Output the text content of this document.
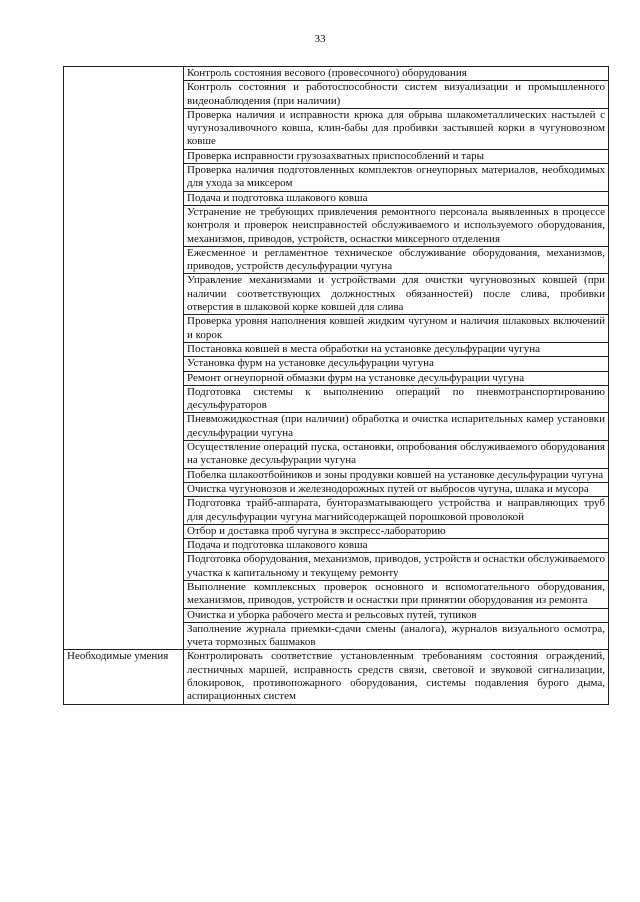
33
	Контроль состояния весового (провесочного) оборудования
	Контроль состояния и работоспособности систем визуализации и промышленного видеонаблюдения (при наличии)
	Проверка наличия и исправности крюка для обрыва шлакометаллических настылей с чугунозаливочного ковша, клин-бабы для пробивки застывшей корки в чугуновозном ковше
	Проверка исправности грузозахватных приспособлений и тары
	Проверка наличия подготовленных комплектов огнеупорных материалов, необходимых для ухода за миксером
	Подача и подготовка шлакового ковша
	Устранение не требующих привлечения ремонтного персонала выявленных в процессе контроля и проверок неисправностей обслуживаемого и используемого оборудования, механизмов, приводов, устройств, оснастки миксерного отделения
	Ежесменное и регламентное техническое обслуживание оборудования, механизмов, приводов, устройств десульфурации чугуна
	Управление механизмами и устройствами для очистки чугуновозных ковшей (при наличии соответствующих должностных обязанностей) после слива, пробивки отверстия в шлаковой корке ковшей для слива
	Проверка уровня наполнения ковшей жидким чугуном и наличия шлаковых включений и корок
	Постановка ковшей в места обработки на установке десульфурации чугуна
	Установка фурм на установке десульфурации чугуна
	Ремонт огнеупорной обмазки фурм на установке десульфурации чугуна
	Подготовка системы к выполнению операций по пневмотранспортированию десульфураторов
	Пневможидкостная (при наличии) обработка и очистка испарительных камер установки десульфурации чугуна
	Осуществление операций пуска, остановки, опробования обслуживаемого оборудования на установке десульфурации чугуна
	Побелка шлакоотбойников и зоны продувки ковшей на установке десульфурации чугуна
	Очистка чугуновозов и железнодорожных путей от выбросов чугуна, шлака и мусора
	Подготовка трайб-аппарата, бунторазматывающего устройства и направляющих труб для десульфурации чугуна магнийсодержащей порошковой проволокой
	Отбор и доставка проб чугуна в экспресс-лабораторию
	Подача и подготовка шлакового ковша
	Подготовка оборудования, механизмов, приводов, устройств и оснастки обслуживаемого участка к капитальному и текущему ремонту
	Выполнение комплексных проверок основного и вспомогательного оборудования, механизмов, приводов, устройств и оснастки при принятии оборудования из ремонта
	Очистка и уборка рабочего места и рельсовых путей, тупиков
	Заполнение журнала приемки-сдачи смены (аналога), журналов визуального осмотра, учета тормозных башмаков
Необходимые умения	Контролировать соответствие установленным требованиям состояния ограждений, лестничных маршей, исправность средств связи, световой и звуковой сигнализации, блокировок, противопожарного оборудования, системы подавления бурого дыма, аспирационных систем
